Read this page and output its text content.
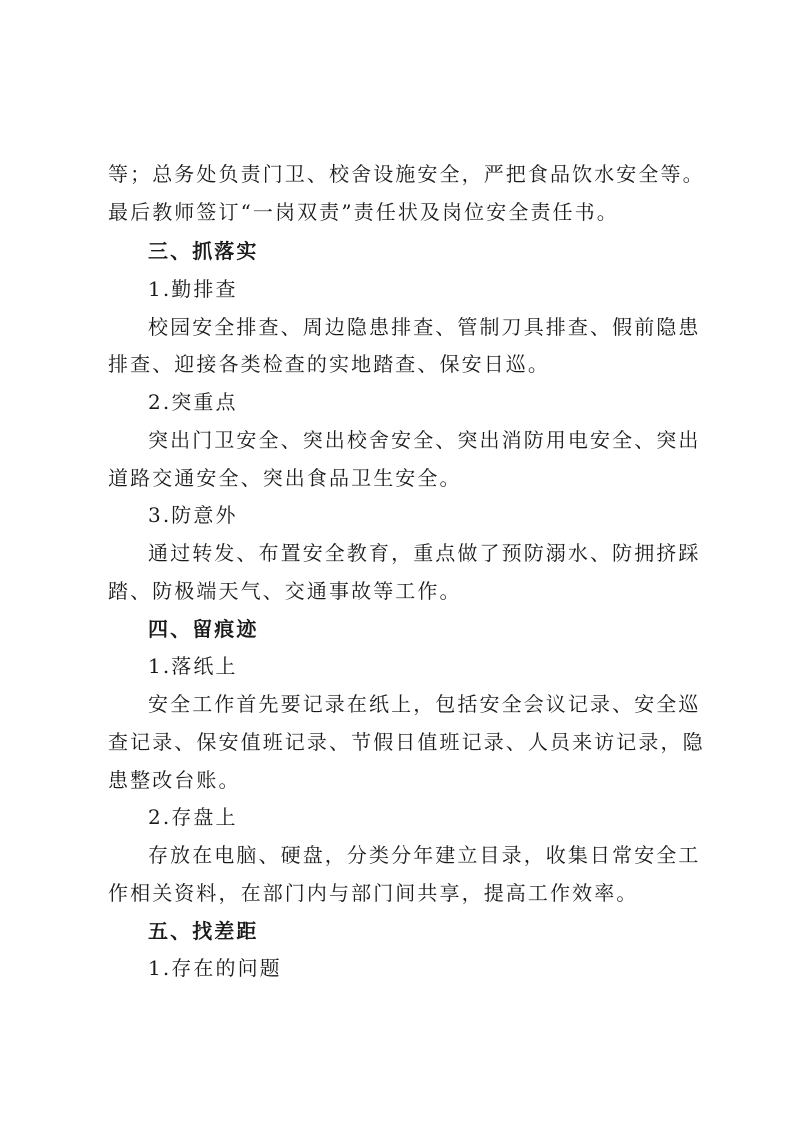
等；总务处负责门卫、校舍设施安全，严把食品饮水安全等。
最后教师签订“一岗双责”责任状及岗位安全责任书。
三、抓落实
1.勤排查
校园安全排查、周边隐患排查、管制刀具排查、假前隐患
排查、迎接各类检查的实地踏查、保安日巡。
2.突重点
突出门卫安全、突出校舍安全、突出消防用电安全、突出
道路交通安全、突出食品卫生安全。
3.防意外
通过转发、布置安全教育，重点做了预防溺水、防拥挤踩
踏、防极端天气、交通事故等工作。
四、留痕迹
1.落纸上
安全工作首先要记录在纸上，包括安全会议记录、安全巡
查记录、保安值班记录、节假日值班记录、人员来访记录，隐
患整改台账。
2.存盘上
存放在电脑、硬盘，分类分年建立目录，收集日常安全工
作相关资料，在部门内与部门间共享，提高工作效率。
五、找差距
1.存在的问题
